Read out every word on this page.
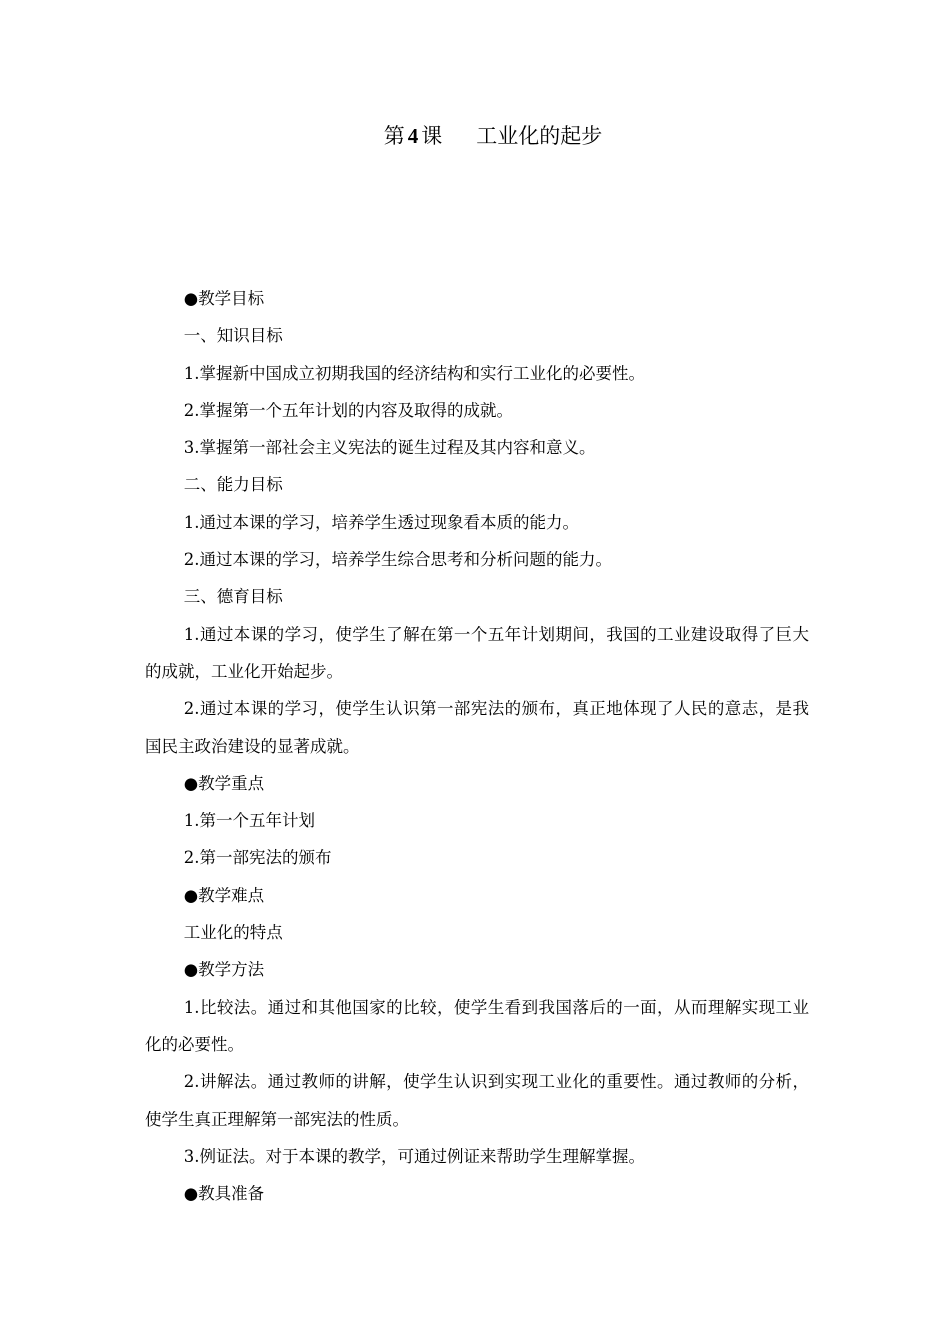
第 4 课 工业化的起步

●教学目标

一、知识目标

1.掌握新中国成立初期我国的经济结构和实行工业化的必要性。

2.掌握第一个五年计划的内容及取得的成就。

3.掌握第一部社会主义宪法的诞生过程及其内容和意义。

二、能力目标

1.通过本课的学习，培养学生透过现象看本质的能力。

2.通过本课的学习，培养学生综合思考和分析问题的能力。

三、德育目标

1.通过本课的学习，使学生了解在第一个五年计划期间，我国的工业建设取得了巨大的成就，工业化开始起步。

2.通过本课的学习，使学生认识第一部宪法的颁布，真正地体现了人民的意志，是我国民主政治建设的显著成就。

●教学重点

1.第一个五年计划

2.第一部宪法的颁布

●教学难点

工业化的特点

●教学方法

1.比较法。通过和其他国家的比较，使学生看到我国落后的一面，从而理解实现工业化的必要性。

2.讲解法。通过教师的讲解，使学生认识到实现工业化的重要性。通过教师的分析，使学生真正理解第一部宪法的性质。

3.例证法。对于本课的教学，可通过例证来帮助学生理解掌握。

●教具准备
